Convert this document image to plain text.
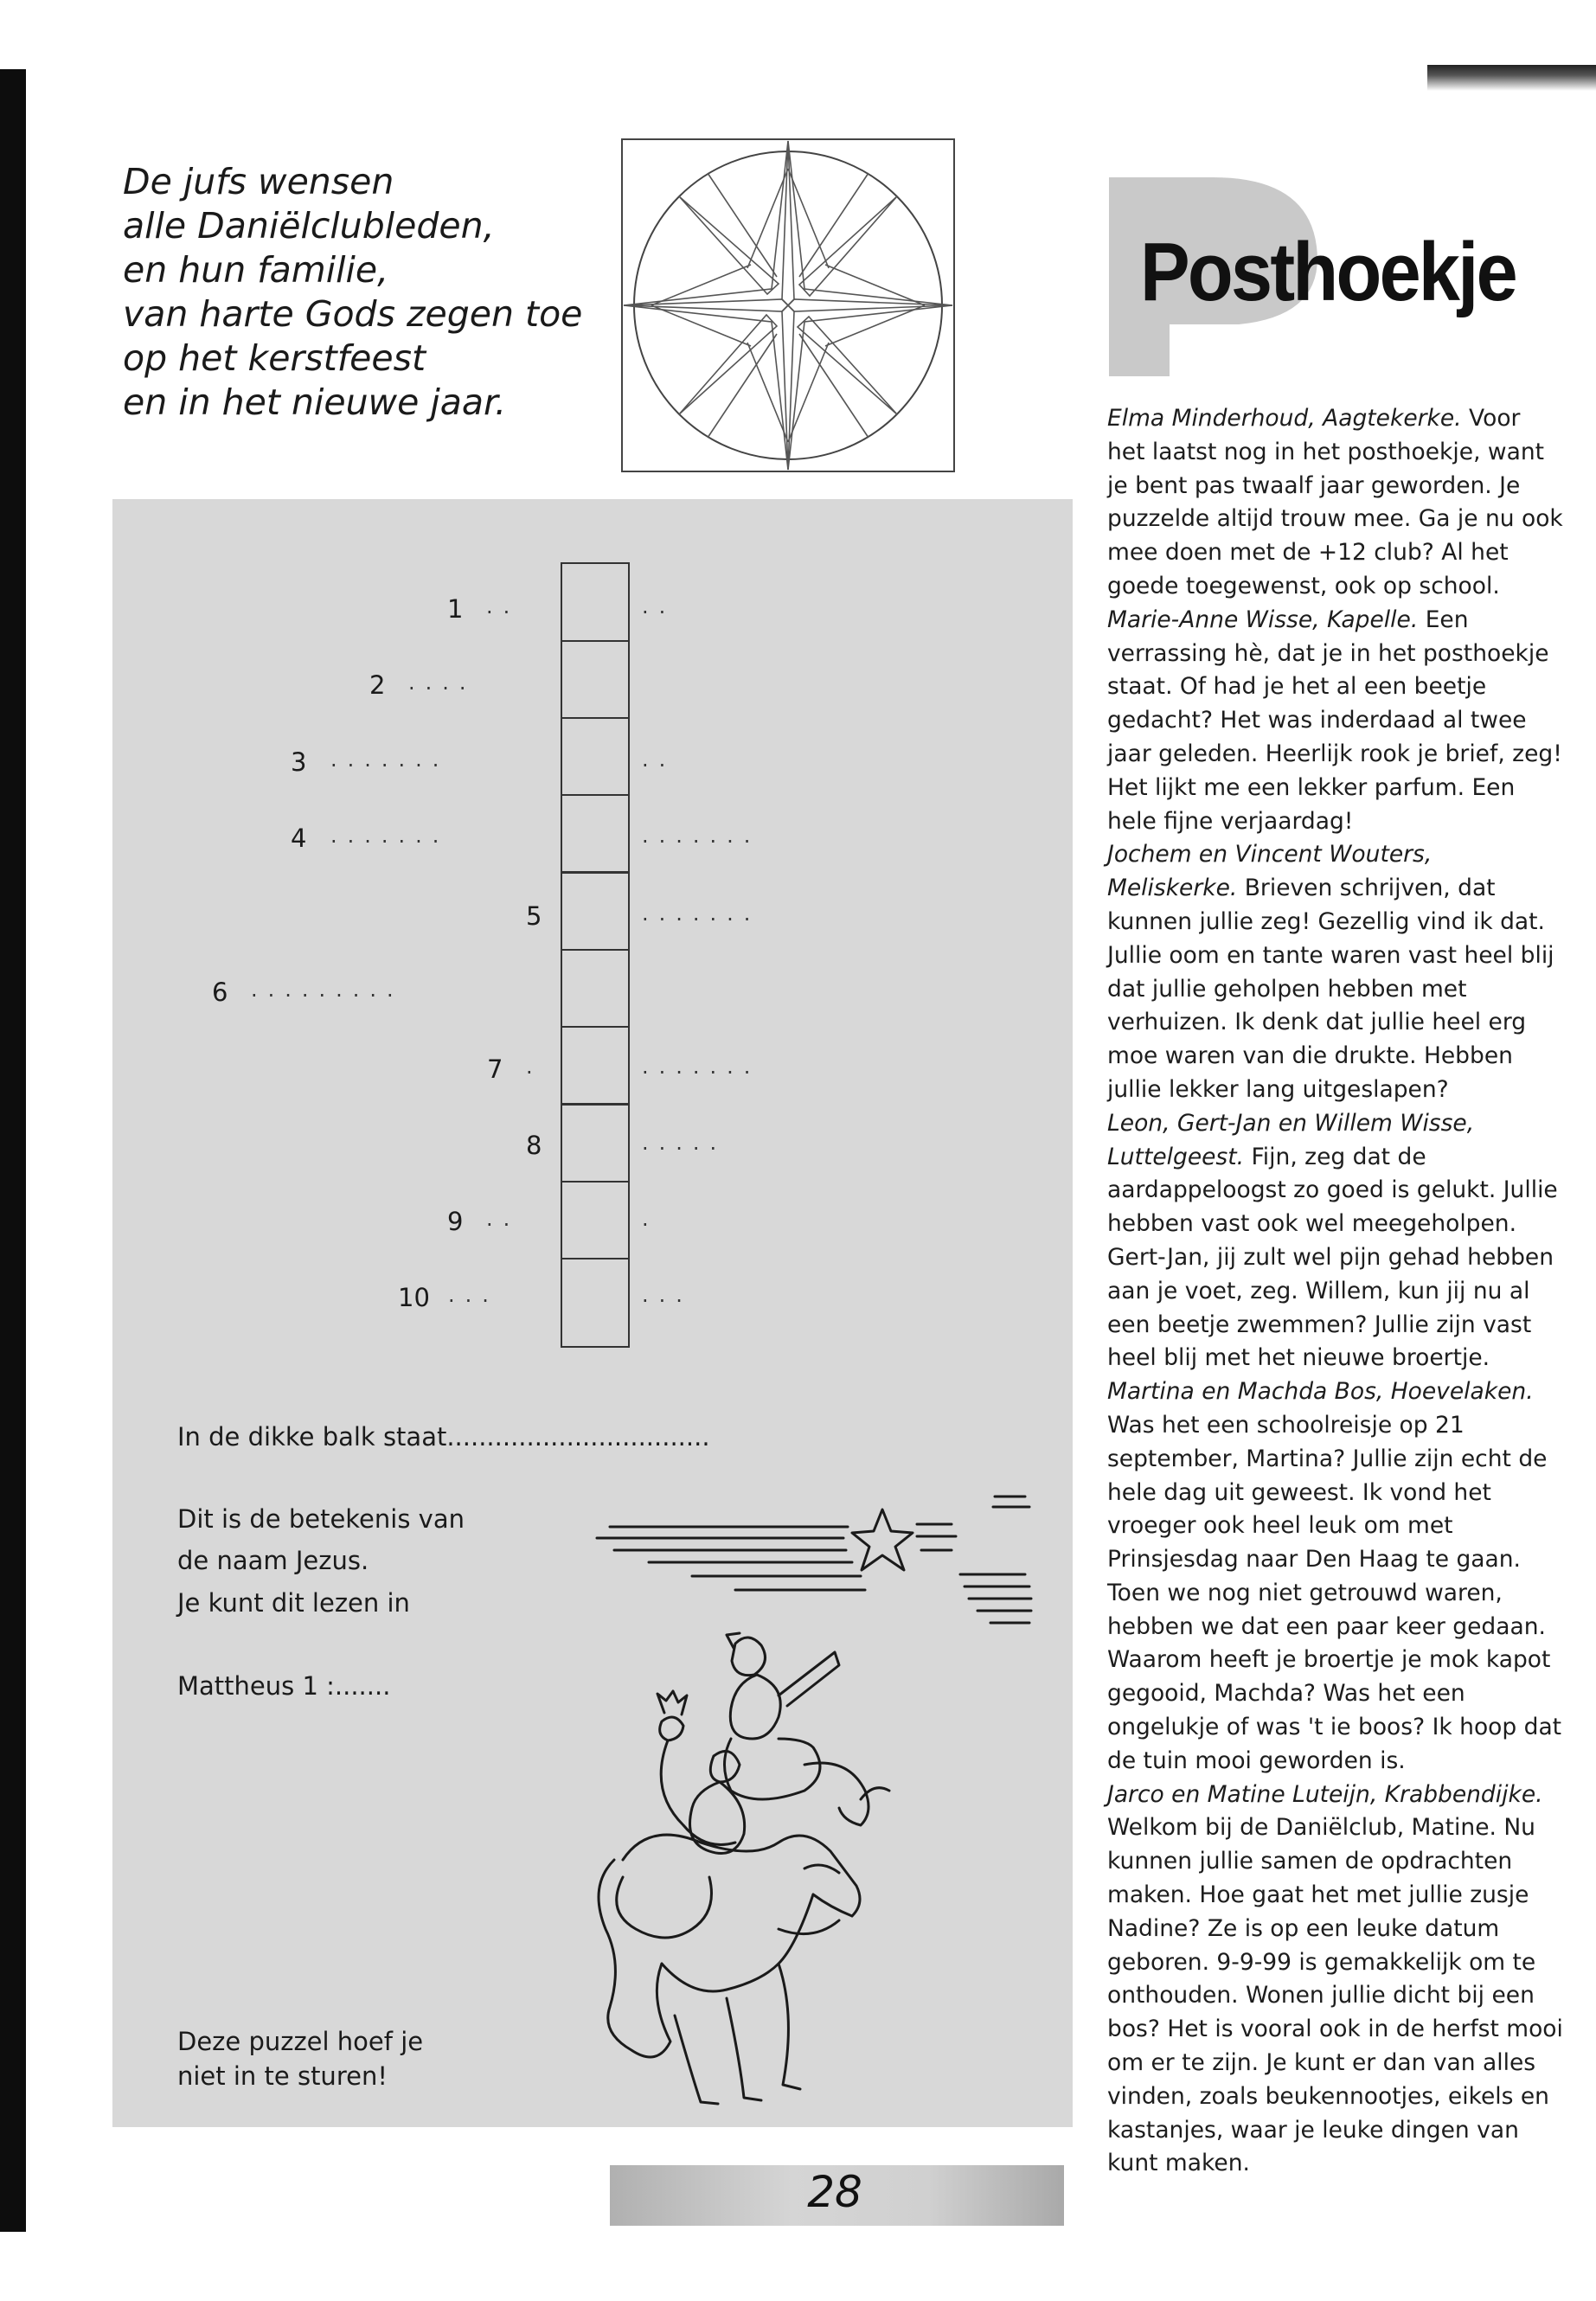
De jufs wensen
alle Daniëlclubleden,
en hun familie,
van harte Gods zegen toe
op het kerstfeest
en in het nieuwe jaar.
Posthoekje

Elma Minderhoud, Aagtekerke. Voor het laatst nog in het posthoekje, want je bent pas twaalf jaar geworden. Je puzzelde altijd trouw mee. Ga je nu ook mee doen met de +12 club? Al het goede toegewenst, ook op school.

Marie-Anne Wisse, Kapelle. Een verrassing hè, dat je in het posthoekje staat. Of had je het al een beetje gedacht? Het was inderdaad al twee jaar geleden. Heerlijk rook je brief, zeg! Het lijkt me een lekker parfum. Een hele fijne verjaardag!

Jochem en Vincent Wouters, Meliskerke. Brieven schrijven, dat kunnen jullie zeg! Gezellig vind ik dat. Jullie oom en tante waren vast heel blij dat jullie geholpen hebben met verhuizen. Ik denk dat jullie heel erg moe waren van die drukte. Hebben jullie lekker lang uitgeslapen?

Leon, Gert-Jan en Willem Wisse, Luttelgeest. Fijn, zeg dat de aardappeloogst zo goed is gelukt. Jullie hebben vast ook wel meegeholpen. Gert-Jan, jij zult wel pijn gehad hebben aan je voet, zeg. Willem, kun jij nu al een beetje zwemmen? Jullie zijn vast heel blij met het nieuwe broertje.

Martina en Machda Bos, Hoevelaken. Was het een schoolreisje op 21 september, Martina? Jullie zijn echt de hele dag uit geweest. Ik vond het vroeger ook heel leuk om met Prinsjesdag naar Den Haag te gaan. Toen we nog niet getrouwd waren, hebben we dat een paar keer gedaan. Waarom heeft je broertje je mok kapot gegooid, Machda? Was het een ongelukje of was 't ie boos? Ik hoop dat de tuin mooi geworden is.

Jarco en Matine Luteijn, Krabbendijke. Welkom bij de Daniëlclub, Matine. Nu kunnen jullie samen de opdrachten maken. Hoe gaat het met jullie zusje Nadine? Ze is op een leuke datum geboren. 9-9-99 is gemakkelijk om te onthouden. Wonen jullie dicht bij een bos? Het is vooral ook in de herfst mooi om er te zijn. Je kunt er dan van alles vinden, zoals beukennootjes, eikels en kastanjes, waar je leuke dingen van kunt maken.

1 ..	..
2 ....
3 .......	..
4 .......	.......
5	.......
6 .........
7 .	.......
8	.....
9 ..	.
10 ...	...
In de dikke balk staat.................................
Dit is de betekenis van
de naam Jezus.
Je kunt dit lezen in
Mattheus 1 :.......
Deze puzzel hoef je
niet in te sturen!
28
